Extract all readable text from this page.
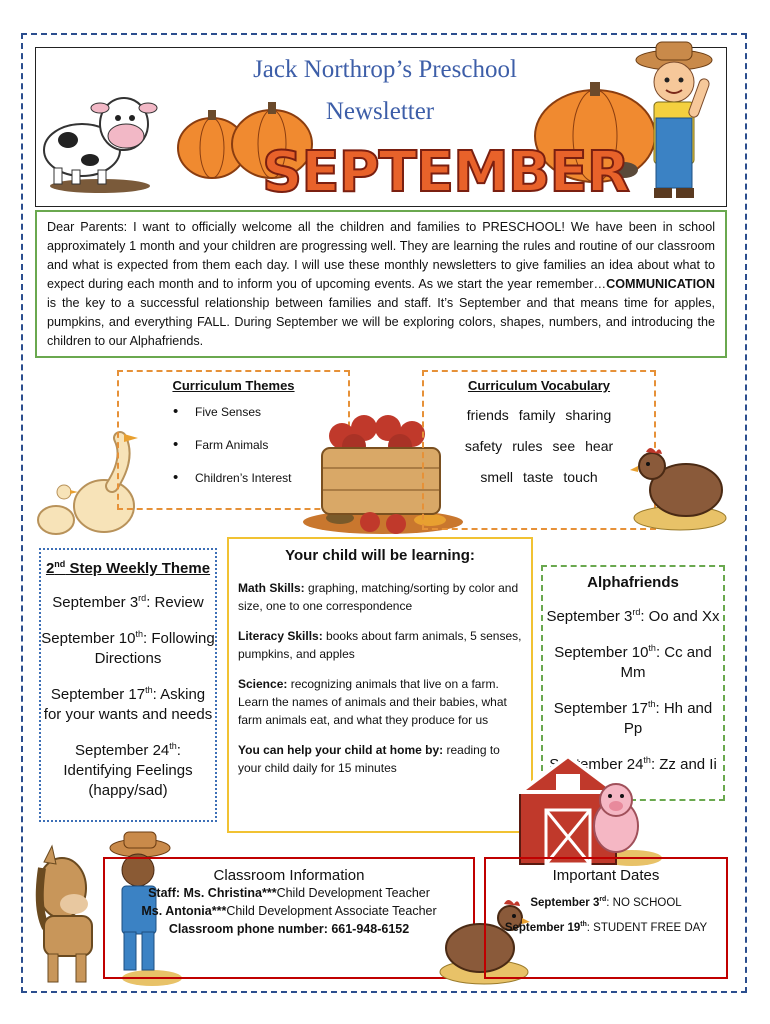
Jack Northrop’s Preschool
Newsletter
SEPTEMBER
Dear Parents: I want to officially welcome all the children and families to PRESCHOOL! We have been in school approximately 1 month and your children are progressing well. They are learning the rules and routine of our classroom and what is expected from them each day. I will use these monthly newsletters to give families an idea about what to expect during each month and to inform you of upcoming events. As we start the year remember…COMMUNICATION is the key to a successful relationship between families and staff. It’s September and that means time for apples, pumpkins, and everything FALL. During September we will be exploring colors, shapes, numbers, and introducing the children to our Alphafriends.
Curriculum Themes
• Five Senses
• Farm Animals
• Children’s Interest
Curriculum Vocabulary
friends family sharing
safety rules see hear
smell taste touch
2nd Step Weekly Theme

September 3rd: Review

September 10th: Following Directions

September 17th: Asking for your wants and needs

September 24th: Identifying Feelings (happy/sad)

Your child will be learning:

Math Skills: graphing, matching/sorting by color and size, one to one correspondence

Literacy Skills: books about farm animals, 5 senses, pumpkins, and apples

Science: recognizing animals that live on a farm. Learn the names of animals and their babies, what farm animals eat, and what they produce for us

You can help your child at home by: reading to your child daily for 15 minutes

Alphafriends

September 3rd: Oo and Xx

September 10th: Cc and Mm

September 17th: Hh and Pp

September 24th: Zz and Ii

Classroom Information

Staff: Ms. Christina***Child Development Teacher

Ms. Antonia***Child Development Associate Teacher

Classroom phone number: 661-948-6152

Important Dates

September 3rd: NO SCHOOL

September 19th: STUDENT FREE DAY
